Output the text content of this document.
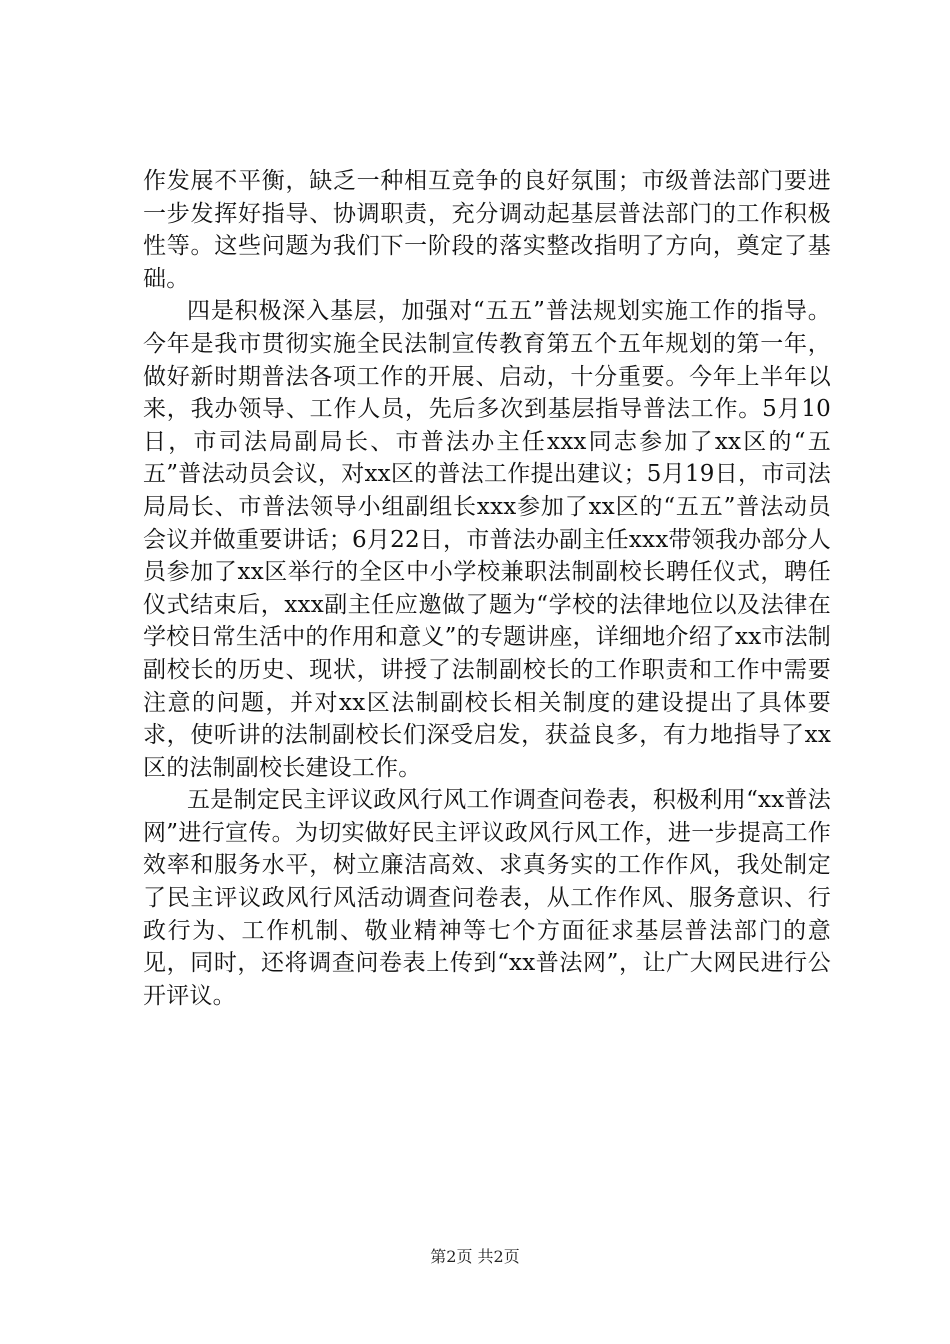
作发展不平衡，缺乏一种相互竞争的良好氛围；市级普法部门要进一步发挥好指导、协调职责，充分调动起基层普法部门的工作积极性等。这些问题为我们下一阶段的落实整改指明了方向，奠定了基础。

四是积极深入基层，加强对“五五”普法规划实施工作的指导。今年是我市贯彻实施全民法制宣传教育第五个五年规划的第一年，做好新时期普法各项工作的开展、启动，十分重要。今年上半年以来，我办领导、工作人员，先后多次到基层指导普法工作。5月10日，市司法局副局长、市普法办主任xxx同志参加了xx区的“五五”普法动员会议，对xx区的普法工作提出建议；5月19日，市司法局局长、市普法领导小组副组长xxx参加了xx区的“五五”普法动员会议并做重要讲话；6月22日，市普法办副主任xxx带领我办部分人员参加了xx区举行的全区中小学校兼职法制副校长聘任仪式，聘任仪式结束后，xxx副主任应邀做了题为“学校的法律地位以及法律在学校日常生活中的作用和意义”的专题讲座，详细地介绍了xx市法制副校长的历史、现状，讲授了法制副校长的工作职责和工作中需要注意的问题，并对xx区法制副校长相关制度的建设提出了具体要求，使听讲的法制副校长们深受启发，获益良多，有力地指导了xx区的法制副校长建设工作。

五是制定民主评议政风行风工作调查问卷表，积极利用“xx普法网”进行宣传。为切实做好民主评议政风行风工作，进一步提高工作效率和服务水平，树立廉洁高效、求真务实的工作作风，我处制定了民主评议政风行风活动调查问卷表，从工作作风、服务意识、行政行为、工作机制、敬业精神等七个方面征求基层普法部门的意见，同时，还将调查问卷表上传到“xx普法网”，让广大网民进行公开评议。

第2页 共2页
